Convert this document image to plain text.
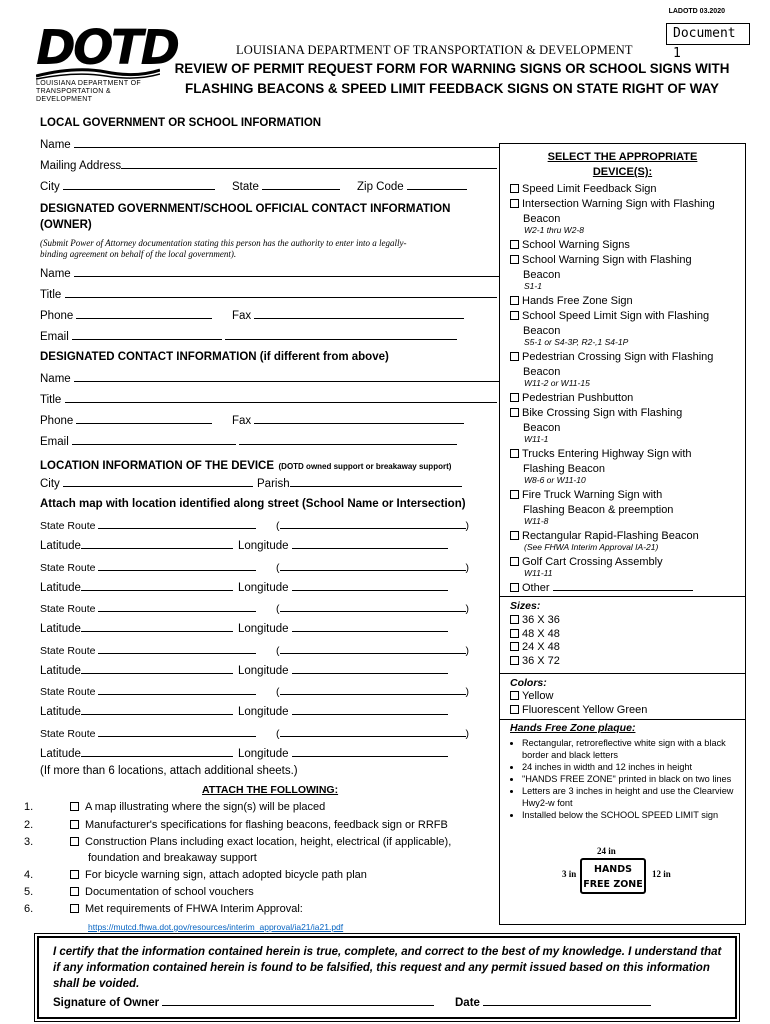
LADOTD 03.2020
Document 1
DOTD
LOUISIANA DEPARTMENT OF
TRANSPORTATION & DEVELOPMENT
LOUISIANA DEPARTMENT OF TRANSPORTATION & DEVELOPMENT
REVIEW OF PERMIT REQUEST FORM FOR WARNING SIGNS OR SCHOOL SIGNS WITH
FLASHING BEACONS & SPEED LIMIT FEEDBACK SIGNS ON STATE RIGHT OF WAY
LOCAL GOVERNMENT OR SCHOOL INFORMATION
Name
Mailing Address
City	State	Zip Code
DESIGNATED GOVERNMENT/SCHOOL OFFICIAL CONTACT INFORMATION
(OWNER)
(Submit Power of Attorney documentation stating this person has the authority to enter into a legally-
binding agreement on behalf of the local government).
Name
Title
Phone	Fax
Email
DESIGNATED CONTACT INFORMATION (if different from above)
Name
Title
Phone	Fax
Email
LOCATION INFORMATION OF THE DEVICE (DOTD owned support or breakaway support)
City	Parish
Attach map with location identified along street (School Name or Intersection)
State Route	(	)
Latitude	Longitude
State Route	(	)
Latitude	Longitude
State Route	(	)
Latitude	Longitude
State Route	(	)
Latitude	Longitude
State Route	(	)
Latitude	Longitude
State Route	(	)
Latitude	Longitude
(If more than 6 locations, attach additional sheets.)
ATTACH THE FOLLOWING:
1.	A map illustrating where the sign(s) will be placed
2.	Manufacturer's specifications for flashing beacons, feedback sign or RRFB
3.	Construction Plans including exact location, height, electrical (if applicable),
foundation and breakaway support
4.	For bicycle warning sign, attach adopted bicycle path plan
5.	Documentation of school vouchers
6.	Met requirements of FHWA Interim Approval:
https://mutcd.fhwa.dot.gov/resources/interim_approval/ia21/ia21.pdf
SELECT THE APPROPRIATE
DEVICE(S):
Speed Limit Feedback Sign
Intersection Warning Sign with Flashing
Beacon
W2-1 thru W2-8
School Warning Signs
School Warning Sign with Flashing
Beacon
S1-1
Hands Free Zone Sign
School Speed Limit Sign with Flashing
Beacon
S5-1 or S4-3P, R2-,1 S4-1P
Pedestrian Crossing Sign with Flashing
Beacon
W11-2 or W11-15
Pedestrian Pushbutton
Bike Crossing Sign with Flashing
Beacon
W11-1
Trucks Entering Highway Sign with
Flashing Beacon
W8-6 or W11-10
Fire Truck Warning Sign with
Flashing Beacon & preemption
W11-8
Rectangular Rapid-Flashing Beacon
(See FHWA Interim Approval IA-21)
Golf Cart Crossing Assembly
W11-11
Other
Sizes:
36 X 36
48 X 48
24 X 48
36 X 72
Colors:
Yellow
Fluorescent Yellow Green
Hands Free Zone plaque:
• Rectangular, retroreflective white sign with a black border and black letters
• 24 inches in width and 12 inches in height
• "HANDS FREE ZONE" printed in black on two lines
• Letters are 3 inches in height and use the Clearview Hwy2-w font
• Installed below the SCHOOL SPEED LIMIT sign
24 in
3 in	HANDS
FREE ZONE
12 in
I certify that the information contained herein is true, complete, and correct to the best of my knowledge. I understand that if any information contained herein is found to be falsified, this request and any permit issued based on this information shall be voided.
Signature of Owner	Date
